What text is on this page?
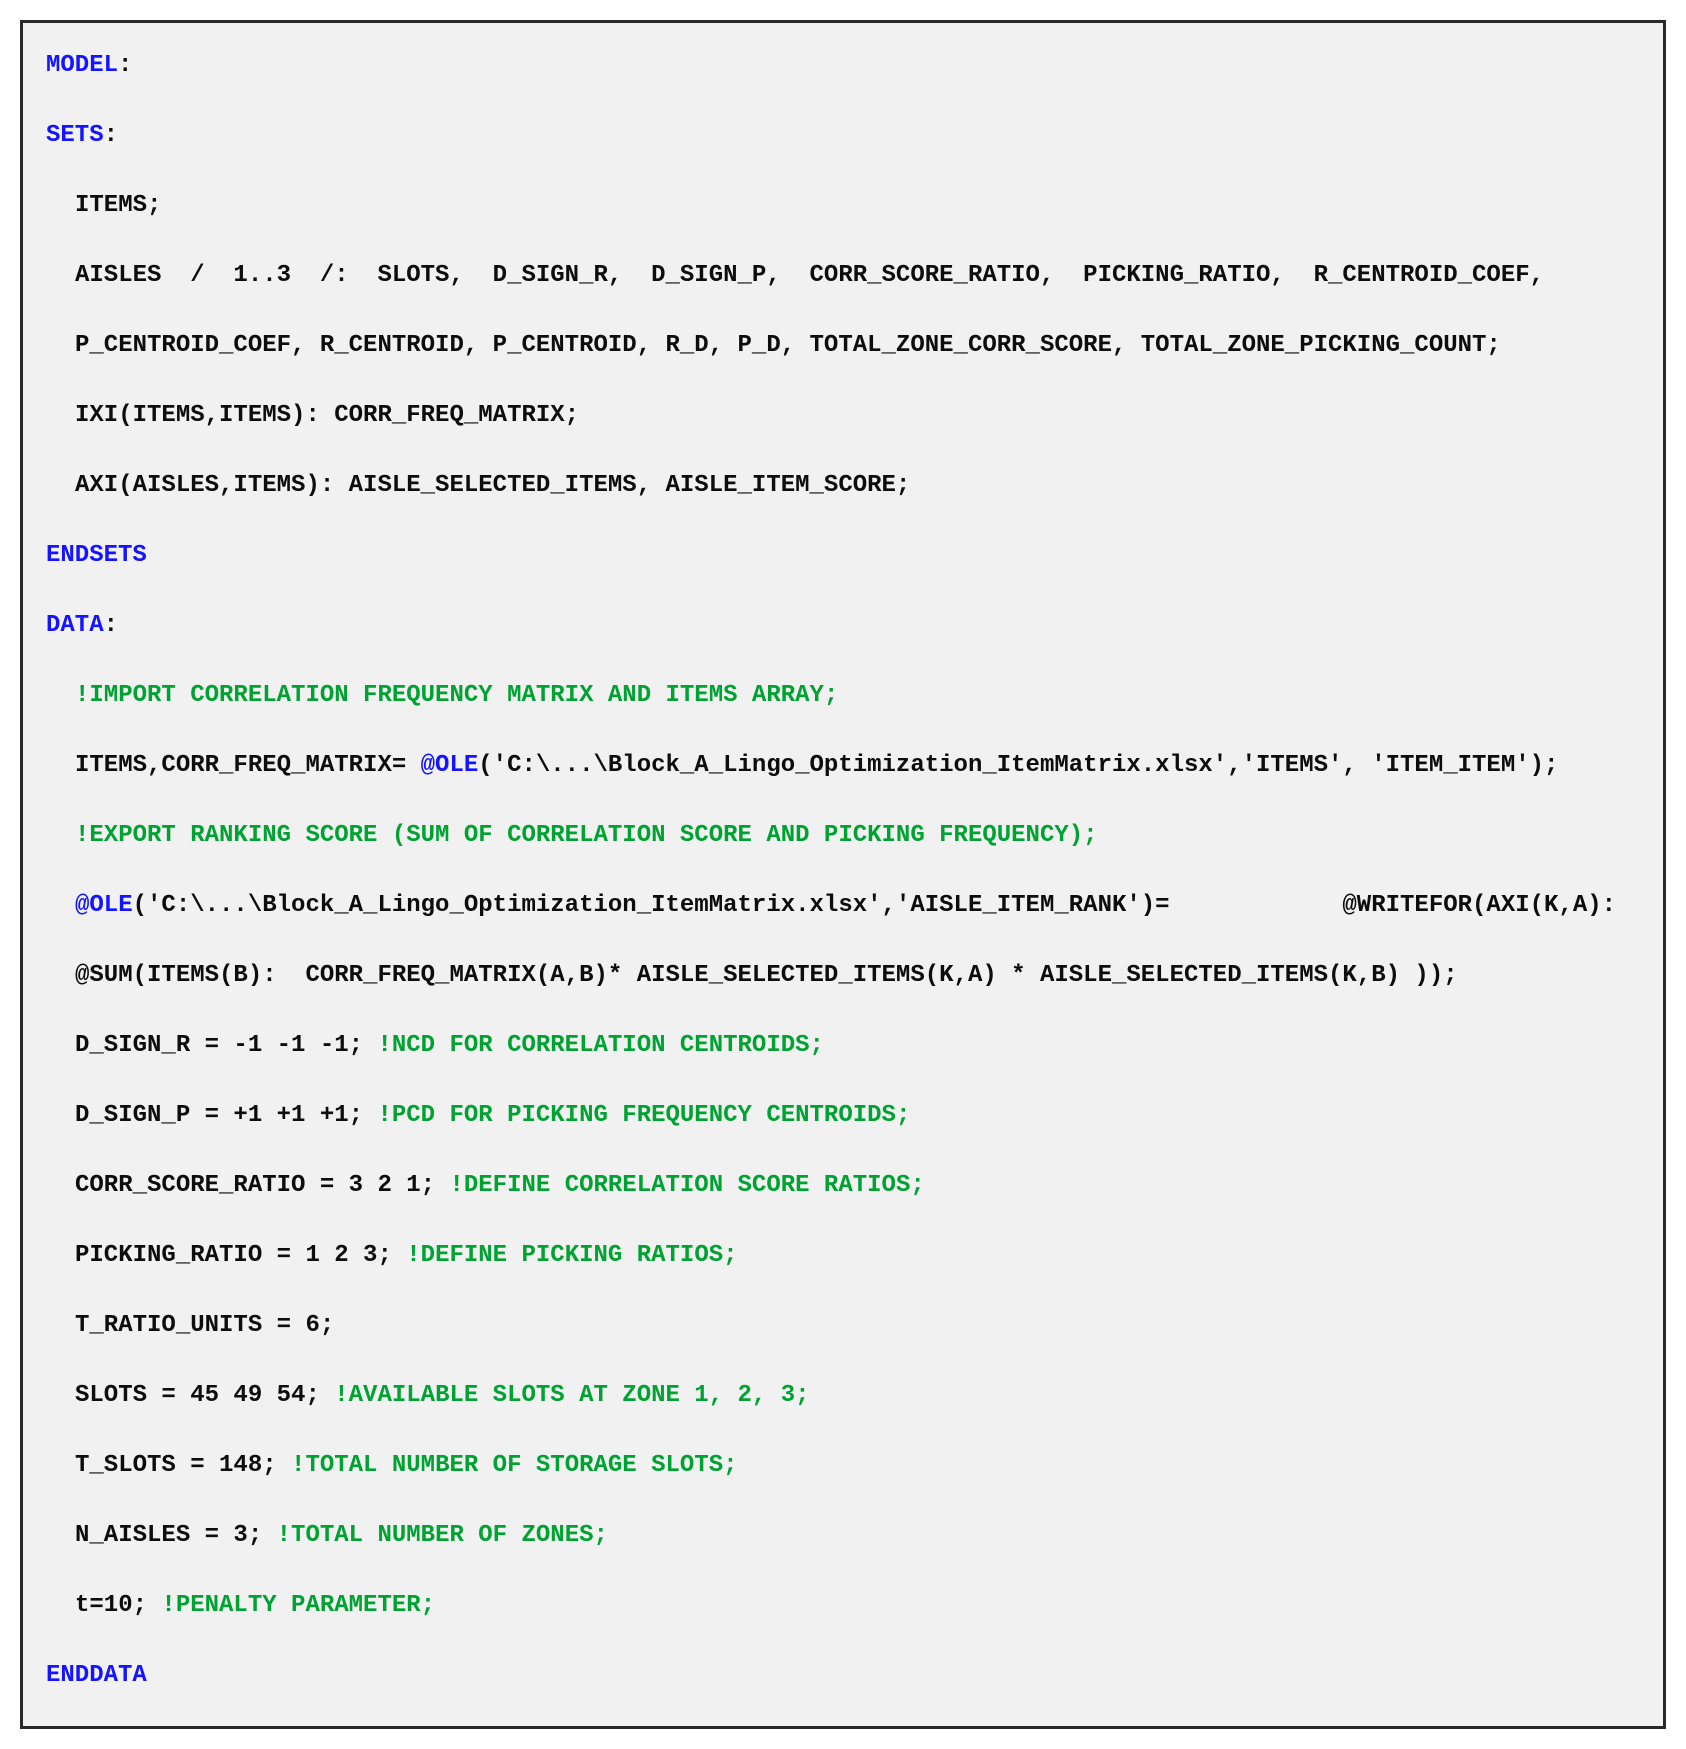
MODEL:
SETS:
ITEMS;
AISLES  /  1..3  /:  SLOTS,  D_SIGN_R,  D_SIGN_P,  CORR_SCORE_RATIO,  PICKING_RATIO,  R_CENTROID_COEF,
P_CENTROID_COEF, R_CENTROID, P_CENTROID, R_D, P_D, TOTAL_ZONE_CORR_SCORE, TOTAL_ZONE_PICKING_COUNT;
IXI(ITEMS,ITEMS): CORR_FREQ_MATRIX;
AXI(AISLES,ITEMS): AISLE_SELECTED_ITEMS, AISLE_ITEM_SCORE;
ENDSETS
DATA:
!IMPORT CORRELATION FREQUENCY MATRIX AND ITEMS ARRAY;
ITEMS,CORR_FREQ_MATRIX= @OLE('C:\...\Block_A_Lingo_Optimization_ItemMatrix.xlsx','ITEMS', 'ITEM_ITEM');
!EXPORT RANKING SCORE (SUM OF CORRELATION SCORE AND PICKING FREQUENCY);
@OLE('C:\...\Block_A_Lingo_Optimization_ItemMatrix.xlsx','AISLE_ITEM_RANK')=            @WRITEFOR(AXI(K,A):
@SUM(ITEMS(B):  CORR_FREQ_MATRIX(A,B)* AISLE_SELECTED_ITEMS(K,A) * AISLE_SELECTED_ITEMS(K,B) ));
D_SIGN_R = -1 -1 -1; !NCD FOR CORRELATION CENTROIDS;
D_SIGN_P = +1 +1 +1; !PCD FOR PICKING FREQUENCY CENTROIDS;
CORR_SCORE_RATIO = 3 2 1; !DEFINE CORRELATION SCORE RATIOS;
PICKING_RATIO = 1 2 3; !DEFINE PICKING RATIOS;
T_RATIO_UNITS = 6;
SLOTS = 45 49 54; !AVAILABLE SLOTS AT ZONE 1, 2, 3;
T_SLOTS = 148; !TOTAL NUMBER OF STORAGE SLOTS;
N_AISLES = 3; !TOTAL NUMBER OF ZONES;
t=10; !PENALTY PARAMETER;
ENDDATA
